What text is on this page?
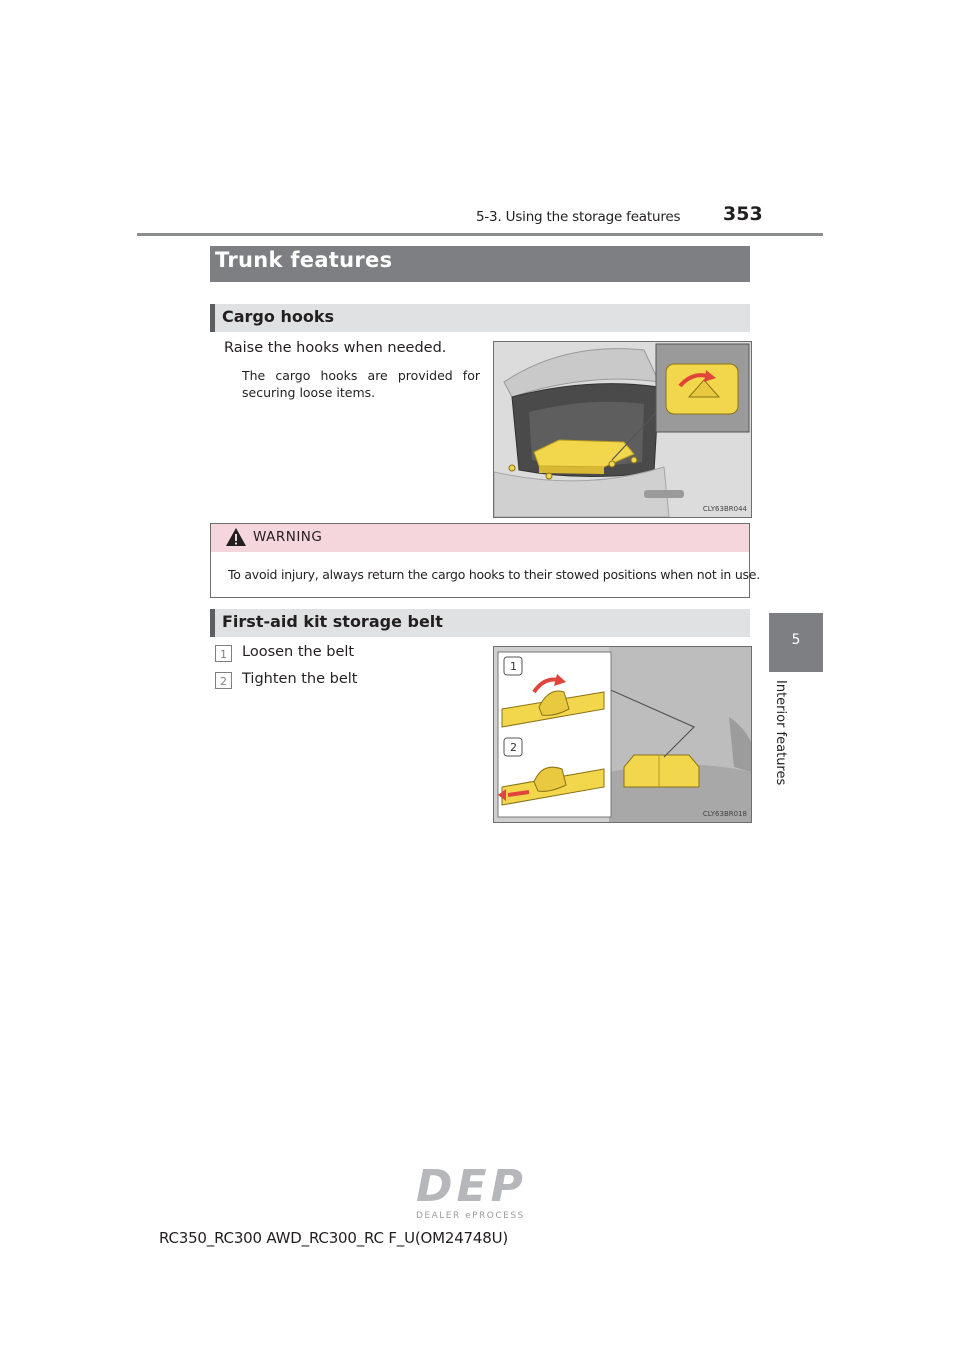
5-3. Using the storage features 353
5
Interior features
Trunk features
Cargo hooks
Raise the hooks when needed.
The cargo hooks are provided for securing loose items.
CLY63BR044
WARNING
To avoid injury, always return the cargo hooks to their stowed positions when not in use.
First-aid kit storage belt
1	Loosen the belt
2	Tighten the belt
1
2
CLY63BR018
DEP
DEALER ePROCESS
RC350_RC300 AWD_RC300_RC F_U(OM24748U)
